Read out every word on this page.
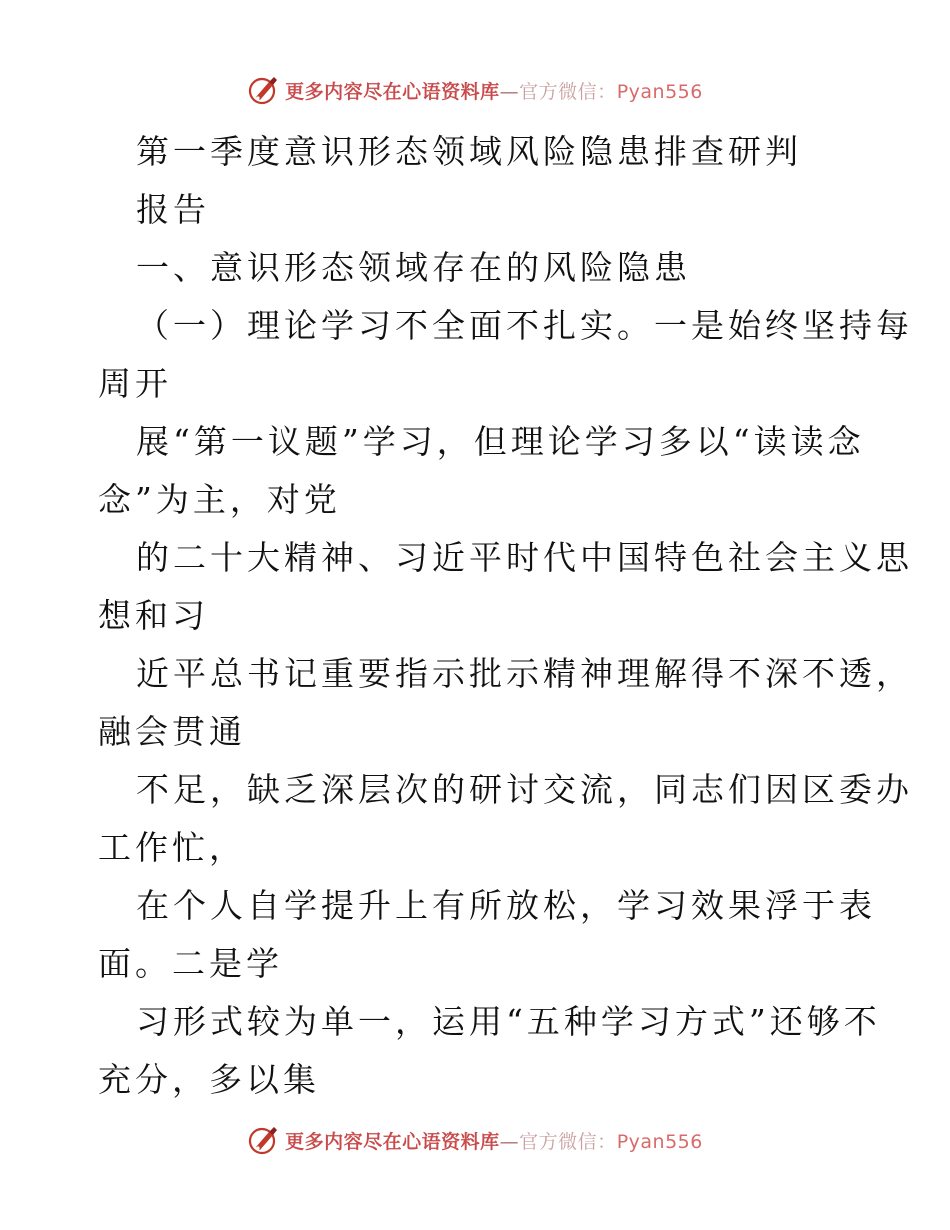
更多内容尽在心语资料库—官方微信：Pyan556

第一季度意识形态领域风险隐患排查研判

报告

一、意识形态领域存在的风险隐患

（一）理论学习不全面不扎实。一是始终坚持每

周开

展“第一议题”学习，但理论学习多以“读读念

念”为主，对党

的二十大精神、习近平时代中国特色社会主义思

想和习

近平总书记重要指示批示精神理解得不深不透，

融会贯通

不足，缺乏深层次的研讨交流，同志们因区委办

工作忙，

在个人自学提升上有所放松，学习效果浮于表

面。二是学

习形式较为单一，运用“五种学习方式”还够不

充分，多以集

更多内容尽在心语资料库—官方微信：Pyan556
